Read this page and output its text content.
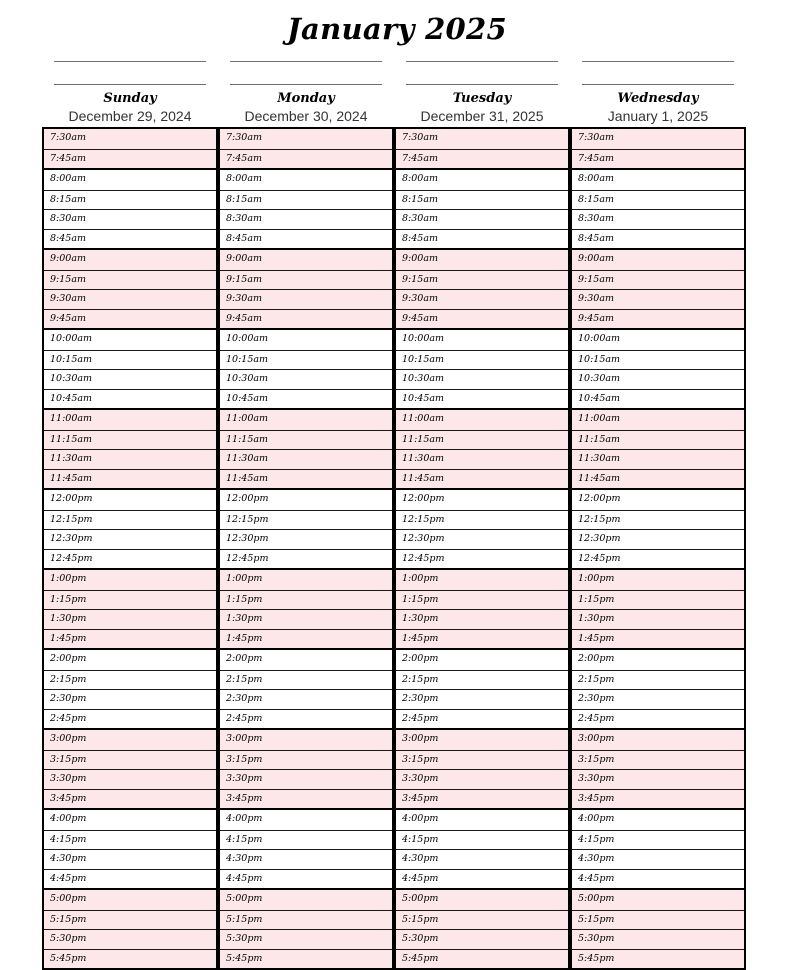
January 2025
Sunday
December 29, 2024
7:30am
7:45am
8:00am
8:15am
8:30am
8:45am
9:00am
9:15am
9:30am
9:45am
10:00am
10:15am
10:30am
10:45am
11:00am
11:15am
11:30am
11:45am
12:00pm
12:15pm
12:30pm
12:45pm
1:00pm
1:15pm
1:30pm
1:45pm
2:00pm
2:15pm
2:30pm
2:45pm
3:00pm
3:15pm
3:30pm
3:45pm
4:00pm
4:15pm
4:30pm
4:45pm
5:00pm
5:15pm
5:30pm
5:45pm
Monday
December 30, 2024
7:30am
7:45am
8:00am
8:15am
8:30am
8:45am
9:00am
9:15am
9:30am
9:45am
10:00am
10:15am
10:30am
10:45am
11:00am
11:15am
11:30am
11:45am
12:00pm
12:15pm
12:30pm
12:45pm
1:00pm
1:15pm
1:30pm
1:45pm
2:00pm
2:15pm
2:30pm
2:45pm
3:00pm
3:15pm
3:30pm
3:45pm
4:00pm
4:15pm
4:30pm
4:45pm
5:00pm
5:15pm
5:30pm
5:45pm
Tuesday
December 31, 2025
7:30am
7:45am
8:00am
8:15am
8:30am
8:45am
9:00am
9:15am
9:30am
9:45am
10:00am
10:15am
10:30am
10:45am
11:00am
11:15am
11:30am
11:45am
12:00pm
12:15pm
12:30pm
12:45pm
1:00pm
1:15pm
1:30pm
1:45pm
2:00pm
2:15pm
2:30pm
2:45pm
3:00pm
3:15pm
3:30pm
3:45pm
4:00pm
4:15pm
4:30pm
4:45pm
5:00pm
5:15pm
5:30pm
5:45pm
Wednesday
January 1, 2025
7:30am
7:45am
8:00am
8:15am
8:30am
8:45am
9:00am
9:15am
9:30am
9:45am
10:00am
10:15am
10:30am
10:45am
11:00am
11:15am
11:30am
11:45am
12:00pm
12:15pm
12:30pm
12:45pm
1:00pm
1:15pm
1:30pm
1:45pm
2:00pm
2:15pm
2:30pm
2:45pm
3:00pm
3:15pm
3:30pm
3:45pm
4:00pm
4:15pm
4:30pm
4:45pm
5:00pm
5:15pm
5:30pm
5:45pm
